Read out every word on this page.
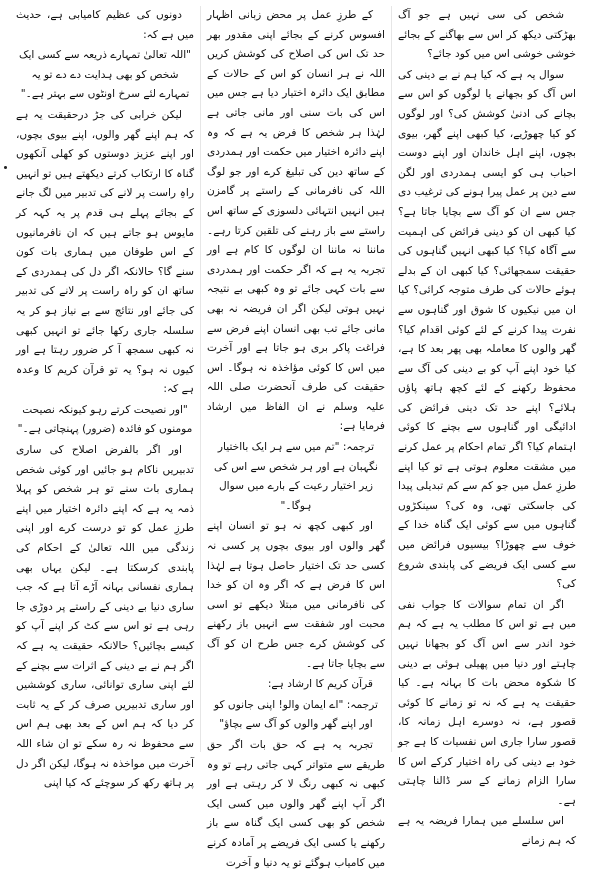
شخص کی سی نہیں ہے جو آگ بھڑکتی دیکھ کر اس سے بھاگنے کے بجائے خوشی خوشی اس میں کود جائے؟

سوال یہ ہے کہ کیا ہم نے بے دینی کی اس آگ کو بجھانے یا لوگوں کو اس سے بچانے کی ادنیٰ کوشش کی؟ اور لوگوں کو کیا چھوڑیے، کیا کبھی اپنے گھر، بیوی بچوں، اپنے اہل خاندان اور اپنے دوست احباب ہی کو ایسی ہمدردی اور لگن سے دین پر عمل پیرا ہونے کی ترغیب دی جس سے ان کو آگ سے بچایا جاتا ہے؟ کیا کبھی ان کو دینی فرائض کی اہمیت سے آگاہ کیا؟ کیا کبھی انہیں گناہوں کی حقیقت سمجھائی؟ کیا کبھی ان کے بدلے ہوئے حالات کی طرف متوجہ کرائی؟ کیا ان میں نیکیوں کا شوق اور گناہوں سے نفرت پیدا کرنے کے لئے کوئی اقدام کیا؟ گھر والوں کا معاملہ بھی پھر بعد کا ہے، کیا خود اپنے آپ کو بے دینی کی آگ سے محفوظ رکھنے کے لئے کچھ ہاتھ پاؤں ہلائے؟ اپنے حد تک دینی فرائض کی ادائیگی اور گناہوں سے بچنے کا کوئی اہتمام کیا؟ اگر تمام احکام پر عمل کرنے میں مشقت معلوم ہوتی ہے تو کیا اپنے طرزِ عمل میں جو کم سے کم تبدیلی پیدا کی جاسکتی تھی، وہ کی؟ سینکڑوں گناہوں میں سے کوئی ایک گناہ خدا کے خوف سے چھوڑا؟ بیسیوں فرائض میں سے کسی ایک فریضے کی پابندی شروع کی؟

اگر ان تمام سوالات کا جواب نفی میں ہے تو اس کا مطلب یہ ہے کہ ہم خود اندر سے اس آگ کو بجھانا نہیں چاہتے اور دنیا میں پھیلی ہوئی بے دینی کا شکوہ محض بات کا بہانہ ہے۔ کیا حقیقت یہ ہے کہ نہ تو زمانے کا کوئی قصور ہے، نہ دوسرے اہل زمانہ کا، قصور سارا جاری اس نفسیات کا ہے جو خود بے دینی کی راہ اختیار کرکے اس کا سارا الزام زمانے کے سر ڈالنا چاہتی ہے۔

اس سلسلے میں ہمارا فریضہ یہ ہے کہ ہم زمانے

کے طرزِ عمل پر محض زبانی اظہار افسوس کرنے کے بجائے اپنی مقدور بھر حد تک اس کی اصلاح کی کوشش کریں اللہ نے ہر انسان کو اس کے حالات کے مطابق ایک دائرہ اختیار دیا ہے جس میں اس کی بات سنی اور مانی جاتی ہے لہٰذا ہر شخص کا فرض یہ ہے کہ وہ اپنے دائرہ اختیار میں حکمت اور ہمدردی کے ساتھ دین کی تبلیغ کرے اور جو لوگ اللہ کی نافرمانی کے راستے پر گامزن ہیں انہیں انتہائی دلسوزی کے ساتھ اس راستے سے باز رہنے کی تلقین کرتا رہے۔ ماننا نہ ماننا ان لوگوں کا کام ہے اور تجربہ یہ ہے کہ اگر حکمت اور ہمدردی سے بات کہی جائے تو وہ کبھی بے نتیجہ نہیں ہوتی لیکن اگر ان فریضہ نہ بھی مانی جائے تب بھی انسان اپنے فرض سے فراغت پاکر بری ہو جاتا ہے اور آخرت میں اس کا کوئی مؤاخذہ نہ ہوگا۔ اس حقیقت کی طرف آنحضرت صلی اللہ علیہ وسلم نے ان الفاظ میں ارشاد فرمایا ہے:

ترجمہ: "تم میں سے ہر ایک بااختیار نگہبان ہے اور ہر شخص سے اس کی زیر اختیار رعیت کے بارے میں سوال ہوگا۔"

اور کبھی کچھ نہ ہو تو انسان اپنے گھر والوں اور بیوی بچوں پر کسی نہ کسی حد تک اختیار حاصل ہوتا ہے لہٰذا اس کا فرض ہے کہ اگر وہ ان کو خدا کی نافرمانی میں مبتلا دیکھے تو اسی محبت اور شفقت سے انہیں باز رکھنے کی کوشش کرے جس طرح ان کو آگ سے بچایا جاتا ہے۔

قرآن کریم کا ارشاد ہے:

ترجمہ: "اے ایمان والو! اپنی جانوں کو اور اپنے گھر والوں کو آگ سے بچاؤ"

تجربہ یہ ہے کہ حق بات اگر حق طریقے سے متواتر کہی جاتی رہے تو وہ کبھی نہ کبھی رنگ لا کر رہتی ہے اور اگر آپ اپنے گھر والوں میں کسی ایک شخص کو بھی کسی ایک گناہ سے باز رکھنے یا کسی ایک فریضے پر آمادہ کرنے میں کامیاب ہوگئے تو یہ دنیا و آخرت

دونوں کی عظیم کامیابی ہے، حدیث میں ہے کہ:

"اللہ تعالیٰ تمہارے ذریعہ سے کسی ایک شخص کو بھی ہدایت دے دے تو یہ تمہارے لئے سرخ اونٹوں سے بہتر ہے۔"

لیکن خرابی کی جڑ درحقیقت یہ ہے کہ ہم اپنے گھر والوں، اپنے بیوی بچوں، اور اپنے عزیز دوستوں کو کھلی آنکھوں گناہ کا ارتکاب کرتے دیکھتے ہیں تو انہیں راہِ راست پر لانے کی تدبیر میں لگ جانے کے بجائے پہلے ہی قدم پر یہ کہہ کر مایوس ہو جاتے ہیں کہ ان نافرمانیوں کے اس طوفان میں ہماری بات کون سنے گا؟ حالانکہ اگر دل کی ہمدردی کے ساتھ ان کو راہ راست پر لانے کی تدبیر کی جائے اور نتائج سے بے نیاز ہو کر یہ سلسلہ جاری رکھا جائے تو انہیں کبھی نہ کبھی سمجھ آ کر ضرور رہتا ہے اور کیوں نہ ہو؟ یہ تو قرآن کریم کا وعدہ ہے کہ:

"اور نصیحت کرتے رہو کیونکہ نصیحت مومنوں کو فائدہ (ضرور) پہنچاتی ہے۔"

اور اگر بالفرض اصلاح کی ساری تدبیریں ناکام ہو جائیں اور کوئی شخص ہماری بات سنے تو ہر شخص کو پہلا ذمہ یہ ہے کہ اپنے دائرہ اختیار میں اپنے طرزِ عمل کو تو درست کرے اور اپنی زندگی میں اللہ تعالیٰ کے احکام کی پابندی کرسکتا ہے۔ لیکن یہاں بھی ہماری نفسانی بہانہ آڑے آتا ہے کہ جب ساری دنیا بے دینی کے راستے پر دوڑی جا رہی ہے تو اس سے کٹ کر اپنے آپ کو کیسے بچائیں؟ حالانکہ حقیقت یہ ہے کہ اگر ہم نے بے دینی کے اثرات سے بچنے کے لئے اپنی ساری توانائی، ساری کوششیں اور ساری تدبیریں صرف کر کے یہ ثابت کر دیا کہ ہم اس کے بعد بھی ہم اس سے محفوظ نہ رہ سکے تو ان شاء اللہ آخرت میں مواخذہ نہ ہوگا، لیکن اگر دل پر ہاتھ رکھ کر سوچئے کہ کیا اپنی
